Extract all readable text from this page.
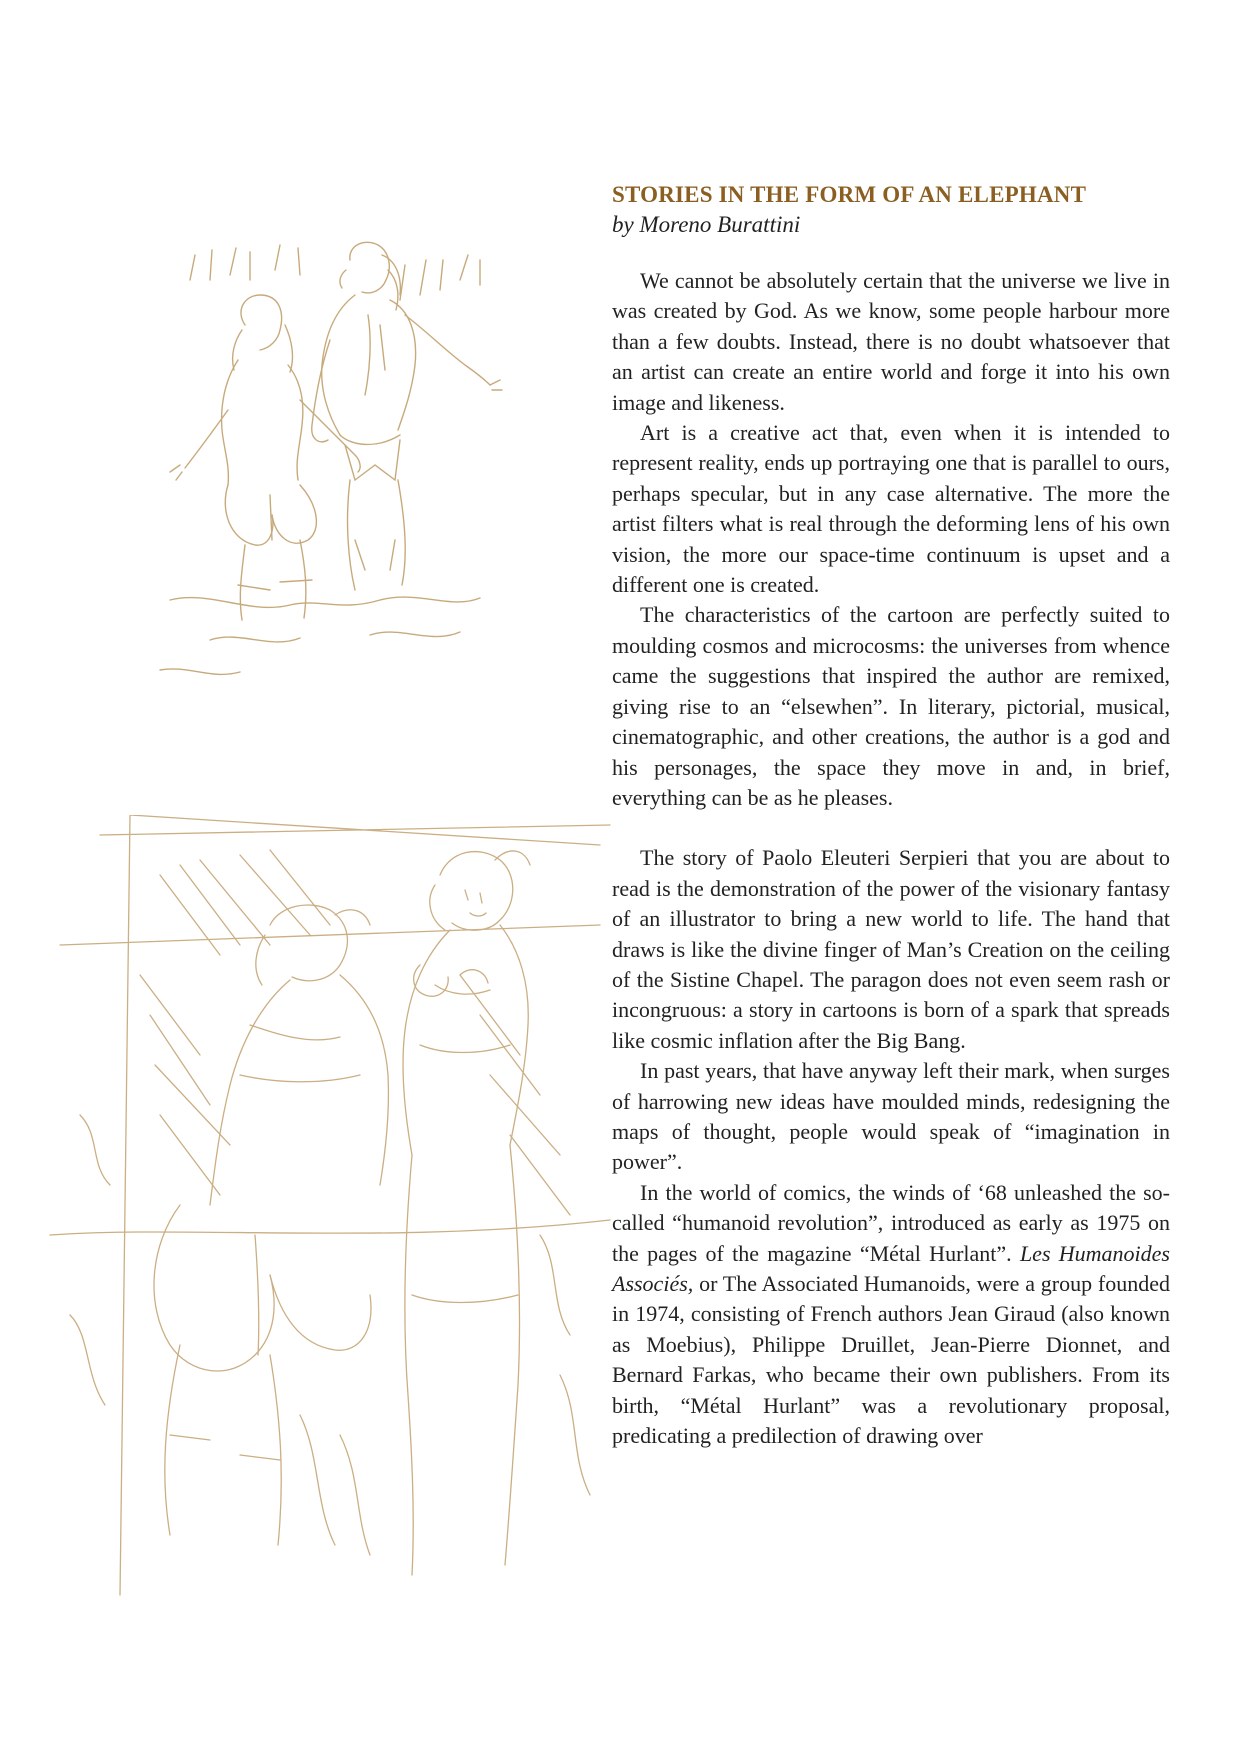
STORIES IN THE FORM OF AN ELEPHANT

by Moreno Burattini

We cannot be absolutely certain that the universe we live in was created by God. As we know, some people harbour more than a few doubts. Instead, there is no doubt whatsoever that an artist can create an entire world and forge it into his own image and likeness.

Art is a creative act that, even when it is intended to represent reality, ends up portraying one that is parallel to ours, perhaps specular, but in any case alternative. The more the artist filters what is real through the deforming lens of his own vision, the more our space-time continuum is upset and a different one is created.

The characteristics of the cartoon are perfectly suited to moulding cosmos and microcosms: the universes from whence came the suggestions that inspired the author are remixed, giving rise to an “elsewhen”. In literary, pictorial, musical, cinematographic, and other creations, the author is a god and his personages, the space they move in and, in brief, everything can be as he pleases.

The story of Paolo Eleuteri Serpieri that you are about to read is the demonstration of the power of the visionary fantasy of an illustrator to bring a new world to life. The hand that draws is like the divine finger of Man’s Creation on the ceiling of the Sistine Chapel. The paragon does not even seem rash or incongruous: a story in cartoons is born of a spark that spreads like cosmic inflation after the Big Bang.

In past years, that have anyway left their mark, when surges of harrowing new ideas have moulded minds, redesigning the maps of thought, people would speak of “imagination in power”.

In the world of comics, the winds of ‘68 unleashed the so-called “humanoid revolution”, introduced as early as 1975 on the pages of the magazine “Métal Hurlant”. Les Humanoides Associés, or The Associated Humanoids, were a group founded in 1974, consisting of French authors Jean Giraud (also known as Moebius), Philippe Druillet, Jean-Pierre Dionnet, and Bernard Farkas, who became their own publishers. From its birth, “Métal Hurlant” was a revolutionary proposal, predicating a predilection of drawing over
